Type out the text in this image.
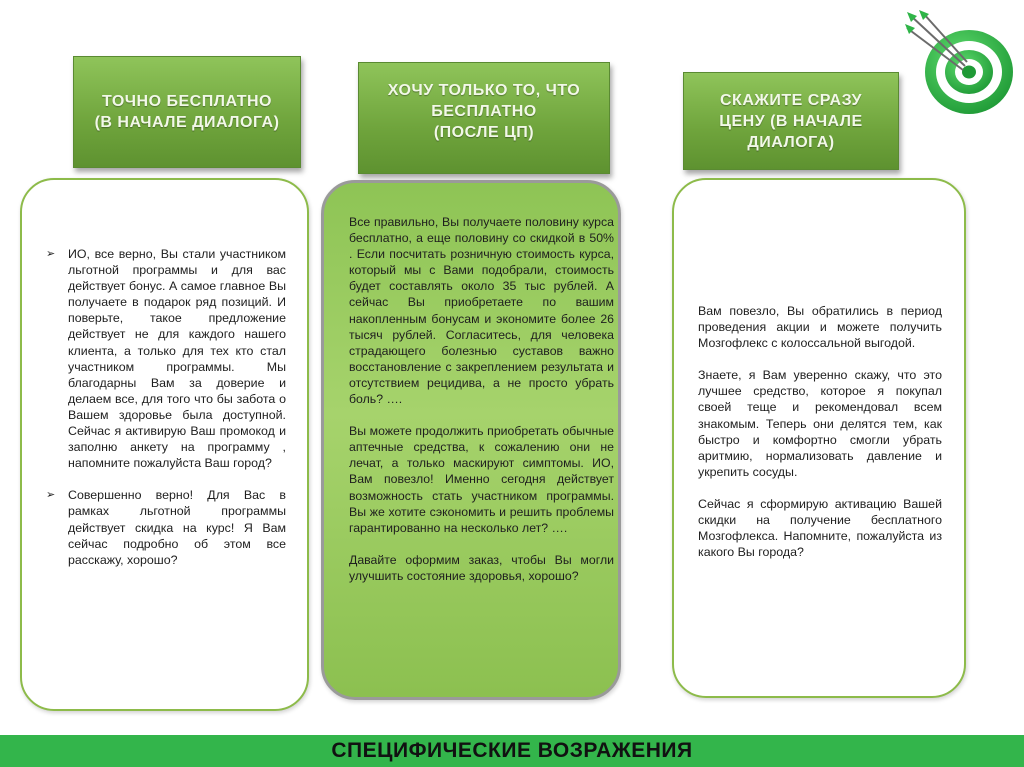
ТОЧНО БЕСПЛАТНО
(В НАЧАЛЕ ДИАЛОГА)
ХОЧУ ТОЛЬКО ТО, ЧТО
БЕСПЛАТНО
(ПОСЛЕ ЦП)
СКАЖИТЕ СРАЗУ
ЦЕНУ (В НАЧАЛЕ
ДИАЛОГА)
➢ ИО, все верно, Вы стали участником льготной программы и для вас действует бонус. А самое главное Вы получаете в подарок ряд позиций. И поверьте, такое предложение действует не для каждого нашего клиента, а только для тех кто стал участником программы. Мы благодарны Вам за доверие и делаем все, для того что бы забота о Вашем здоровье была доступной. Сейчас я активирую Ваш промокод и заполню анкету на программу , напомните пожалуйста Ваш город?
➢ Совершенно верно! Для Вас в рамках льготной программы действует скидка на курс! Я Вам сейчас подробно об этом все расскажу, хорошо?

Все правильно, Вы получаете половину курса бесплатно, а еще половину со скидкой в 50% . Если посчитать розничную стоимость курса, который мы с Вами подобрали, стоимость будет составлять около 35 тыс рублей. А сейчас Вы приобретаете по вашим накопленным бонусам и экономите более 26 тысяч рублей. Согласитесь, для человека страдающего болезнью суставов важно восстановление с закреплением результата и отсутствием рецидива, а не просто убрать боль? ….

Вы можете продолжить приобретать обычные аптечные средства, к сожалению они не лечат, а только маскируют симптомы. ИО, Вам повезло! Именно сегодня действует возможность стать участником программы. Вы же хотите сэкономить и решить проблемы гарантированно на несколько лет? ….

Давайте оформим заказ, чтобы Вы могли улучшить состояние здоровья, хорошо?

Вам повезло, Вы обратились в период проведения акции и можете получить Мозгофлекс с колоссальной выгодой.

Знаете, я Вам уверенно скажу, что это лучшее средство, которое я покупал своей теще и рекомендовал всем знакомым. Теперь они делятся тем, как быстро и комфортно смогли убрать аритмию, нормализовать давление и укрепить сосуды.

Сейчас я сформирую активацию Вашей скидки на получение бесплатного Мозгофлекса. Напомните, пожалуйста из какого Вы города?

СПЕЦИФИЧЕСКИЕ ВОЗРАЖЕНИЯ
